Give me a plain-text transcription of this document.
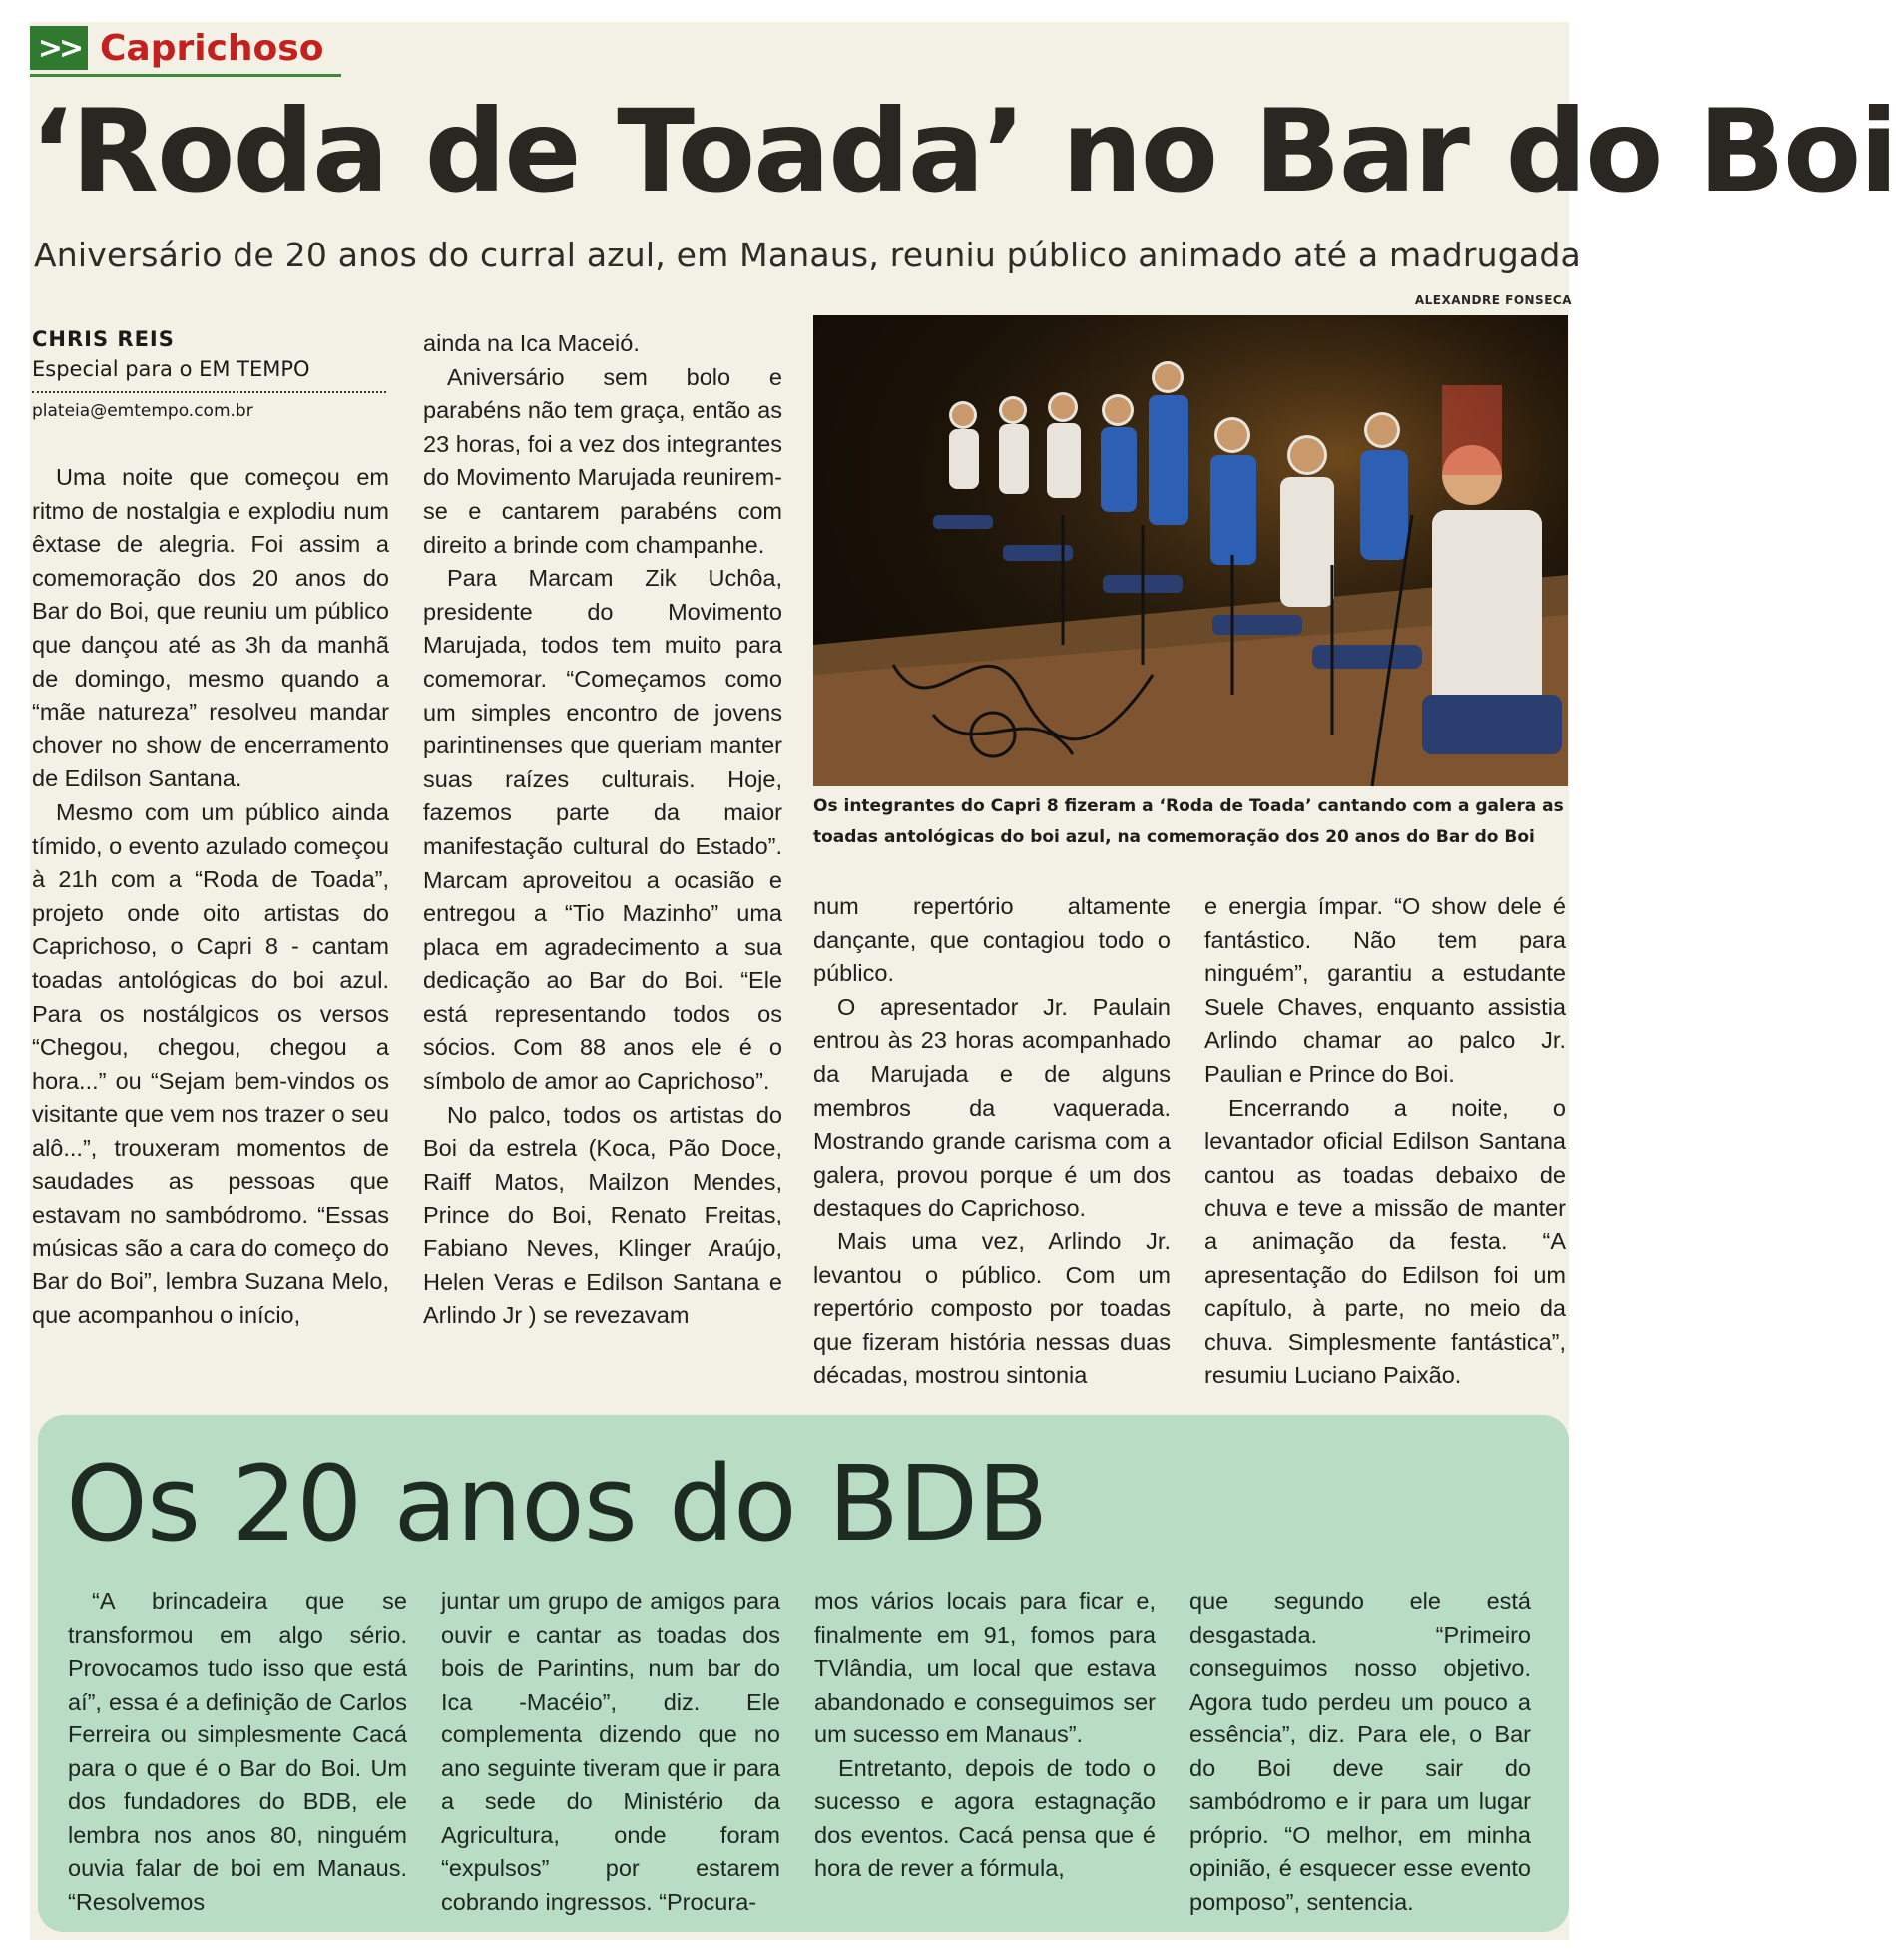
>> Caprichoso
‘Roda de Toada’ no Bar do Boi
Aniversário de 20 anos do curral azul, em Manaus, reuniu público animado até a madrugada
ALEXANDRE FONSECA
CHRIS REIS
Especial para o EM TEMPO
plateia@emtempo.com.br

Uma noite que começou em ritmo de nostalgia e explodiu num êxtase de alegria. Foi assim a comemoração dos 20 anos do Bar do Boi, que reuniu um público que dançou até as 3h da manhã de domingo, mesmo quando a “mãe natureza” resolveu mandar chover no show de encerramento de Edilson Santana.

Mesmo com um público ainda tímido, o evento azulado começou à 21h com a “Roda de Toada”, projeto onde oito artistas do Caprichoso, o Capri 8 - cantam toadas antológicas do boi azul. Para os nostálgicos os versos “Chegou, chegou, chegou a hora...” ou “Sejam bem-vindos os visitante que vem nos trazer o seu alô...”, trouxeram momentos de saudades as pessoas que estavam no sambódromo. “Essas músicas são a cara do começo do Bar do Boi”, lembra Suzana Melo, que acompanhou o início,

ainda na Ica Maceió.

Aniversário sem bolo e parabéns não tem graça, então as 23 horas, foi a vez dos integrantes do Movimento Marujada reunirem-se e cantarem parabéns com direito a brinde com champanhe.

Para Marcam Zik Uchôa, presidente do Movimento Marujada, todos tem muito para comemorar. “Começamos como um simples encontro de jovens parintinenses que queriam manter suas raízes culturais. Hoje, fazemos parte da maior manifestação cultural do Estado”. Marcam aproveitou a ocasião e entregou a “Tio Mazinho” uma placa em agradecimento a sua dedicação ao Bar do Boi. “Ele está representando todos os sócios. Com 88 anos ele é o símbolo de amor ao Caprichoso”.

No palco, todos os artistas do Boi da estrela (Koca, Pão Doce, Raiff Matos, Mailzon Mendes, Prince do Boi, Renato Freitas, Fabiano Neves, Klinger Araújo, Helen Veras e Edilson Santana e Arlindo Jr ) se revezavam

Os integrantes do Capri 8 fizeram a ‘Roda de Toada’ cantando com a galera as toadas antológicas do boi azul, na comemoração dos 20 anos do Bar do Boi

num repertório altamente dançante, que contagiou todo o público.

O apresentador Jr. Paulain entrou às 23 horas acompanhado da Marujada e de alguns membros da vaquerada. Mostrando grande carisma com a galera, provou porque é um dos destaques do Caprichoso.

Mais uma vez, Arlindo Jr. levantou o público. Com um repertório composto por toadas que fizeram história nessas duas décadas, mostrou sintonia

e energia ímpar. “O show dele é fantástico. Não tem para ninguém”, garantiu a estudante Suele Chaves, enquanto assistia Arlindo chamar ao palco Jr. Paulian e Prince do Boi.

Encerrando a noite, o levantador oficial Edilson Santana cantou as toadas debaixo de chuva e teve a missão de manter a animação da festa. “A apresentação do Edilson foi um capítulo, à parte, no meio da chuva. Simplesmente fantástica”, resumiu Luciano Paixão.

Os 20 anos do BDB

“A brincadeira que se transformou em algo sério. Provocamos tudo isso que está aí”, essa é a definição de Carlos Ferreira ou simplesmente Cacá para o que é o Bar do Boi. Um dos fundadores do BDB, ele lembra nos anos 80, ninguém ouvia falar de boi em Manaus. “Resolvemos

juntar um grupo de amigos para ouvir e cantar as toadas dos bois de Parintins, num bar do Ica -Macéio”, diz. Ele complementa dizendo que no ano seguinte tiveram que ir para a sede do Ministério da Agricultura, onde foram “expulsos” por estarem cobrando ingressos. “Procura-

mos vários locais para ficar e, finalmente em 91, fomos para TVlândia, um local que estava abandonado e conseguimos ser um sucesso em Manaus”.

Entretanto, depois de todo o sucesso e agora estagnação dos eventos. Cacá pensa que é hora de rever a fórmula,

que segundo ele está desgastada. “Primeiro conseguimos nosso objetivo. Agora tudo perdeu um pouco a essência”, diz. Para ele, o Bar do Boi deve sair do sambódromo e ir para um lugar próprio. “O melhor, em minha opinião, é esquecer esse evento pomposo”, sentencia.
